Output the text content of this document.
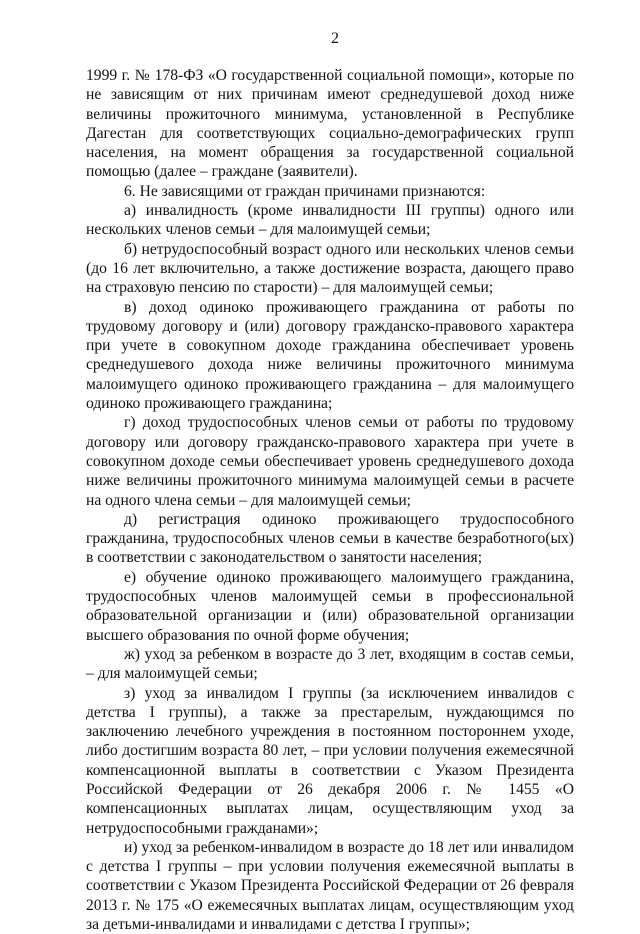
2

1999 г. № 178-ФЗ «О государственной социальной помощи», которые по не зависящим от них причинам имеют среднедушевой доход ниже величины прожиточного минимума, установленной в Республике Дагестан для соответствующих социально-демографических групп населения, на момент обращения за государственной социальной помощью (далее – граждане (заявители).

6. Не зависящими от граждан причинами признаются:

а) инвалидность (кроме инвалидности III группы) одного или нескольких членов семьи – для малоимущей семьи;

б) нетрудоспособный возраст одного или нескольких членов семьи (до 16 лет включительно, а также достижение возраста, дающего право на страховую пенсию по старости) – для малоимущей семьи;

в) доход одиноко проживающего гражданина от работы по трудовому договору и (или) договору гражданско-правового характера при учете в совокупном доходе гражданина обеспечивает уровень среднедушевого дохода ниже величины прожиточного минимума малоимущего одиноко проживающего гражданина – для малоимущего одиноко проживающего гражданина;

г) доход трудоспособных членов семьи от работы по трудовому договору или договору гражданско-правового характера при учете в совокупном доходе семьи обеспечивает уровень среднедушевого дохода ниже величины прожиточного минимума малоимущей семьи в расчете на одного члена семьи – для малоимущей семьи;

д) регистрация одиноко проживающего трудоспособного гражданина, трудоспособных членов семьи в качестве безработного(ых) в соответствии с законодательством о занятости населения;

е) обучение одиноко проживающего малоимущего гражданина, трудоспособных членов малоимущей семьи в профессиональной образовательной организации и (или) образовательной организации высшего образования по очной форме обучения;

ж) уход за ребенком в возрасте до 3 лет, входящим в состав семьи, – для малоимущей семьи;

з) уход за инвалидом I группы (за исключением инвалидов с детства I группы), а также за престарелым, нуждающимся по заключению лечебного учреждения в постоянном постороннем уходе, либо достигшим возраста 80 лет, – при условии получения ежемесячной компенсационной выплаты в соответствии с Указом Президента Российской Федерации от 26 декабря 2006 г. № 1455 «О компенсационных выплатах лицам, осуществляющим уход за нетрудоспособными гражданами»;

и) уход за ребенком-инвалидом в возрасте до 18 лет или инвалидом с детства I группы – при условии получения ежемесячной выплаты в соответствии с Указом Президента Российской Федерации от 26 февраля 2013 г. № 175 «О ежемесячных выплатах лицам, осуществляющим уход за детьми-инвалидами и инвалидами с детства I группы»;
